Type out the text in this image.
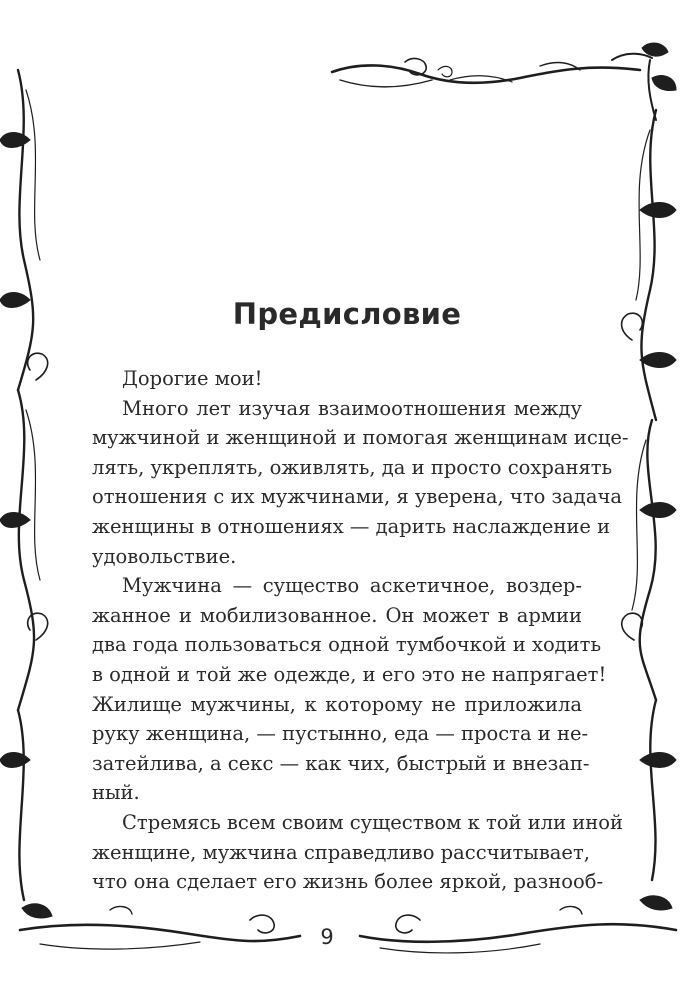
Предисловие
Дорогие мои!
Много лет изучая взаимоотношения между
мужчиной и женщиной и помогая женщинам исце-
лять, укреплять, оживлять, да и просто сохранять
отношения с их мужчинами, я уверена, что задача
женщины в отношениях — дарить наслаждение и
удовольствие.
Мужчина — существо аскетичное, воздер-
жанное и мобилизованное. Он может в армии
два года пользоваться одной тумбочкой и ходить
в одной и той же одежде, и его это не напрягает!
Жилище мужчины, к которому не приложила
руку женщина, — пустынно, еда — проста и не-
затейлива, а секс — как чих, быстрый и внезап-
ный.
Стремясь всем своим существом к той или иной
женщине, мужчина справедливо рассчитывает,
что она сделает его жизнь более яркой, разнооб-
9
